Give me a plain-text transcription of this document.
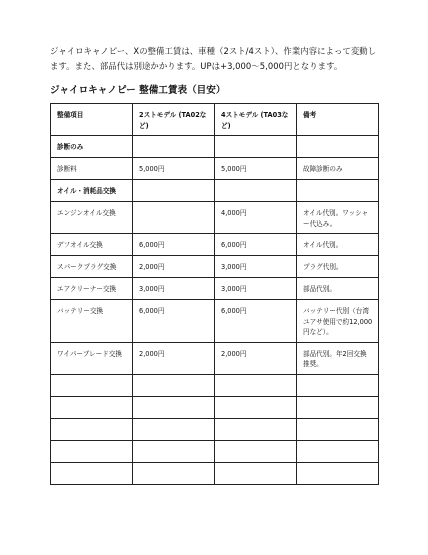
ジャイロキャノピー、Xの整備工賃は、車種（2スト/4スト）、作業内容によって変動します。また、部品代は別途かかります。UPは+3,000〜5,000円となります。

ジャイロキャノピー 整備工賃表（目安）
整備項目	2ストモデル (TA02など)	4ストモデル (TA03など)	備考
診断のみ			
診断料	5,000円	5,000円	故障診断のみ
オイル・消耗品交換			
エンジンオイル交換		4,000円	オイル代別。ワッシャー代込み。
デフオイル交換	6,000円	6,000円	オイル代別。
スパークプラグ交換	2,000円	3,000円	プラグ代別。
エアクリーナー交換	3,000円	3,000円	部品代別。
バッテリー交換	6,000円	6,000円	バッテリー代別（台湾ユアサ使用で約12,000円など）。
ワイパーブレード交換	2,000円	2,000円	部品代別。年2回交換推奨。
